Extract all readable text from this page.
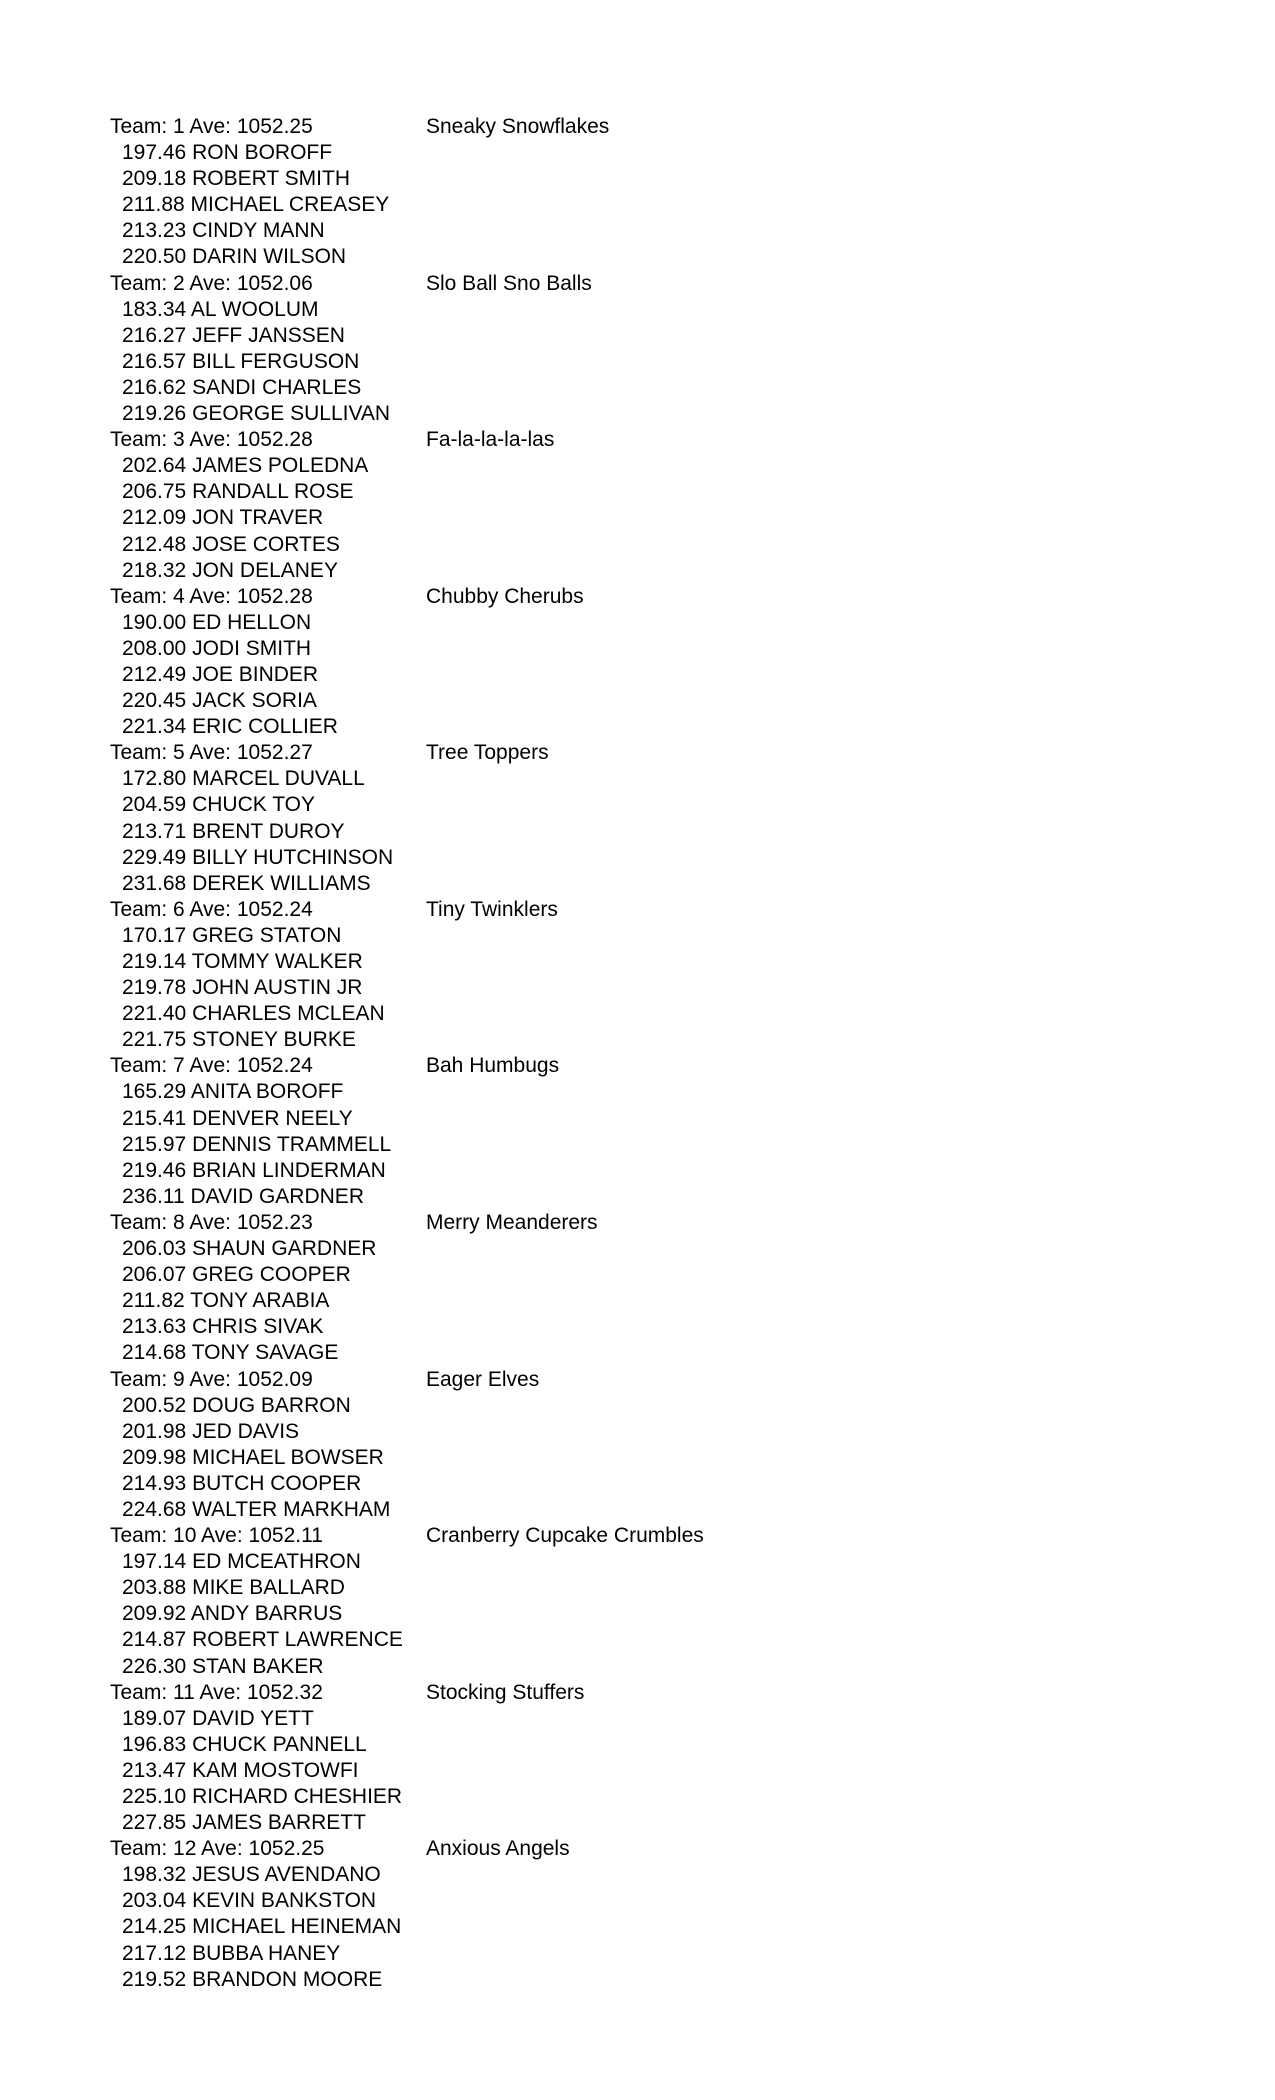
Team: 1 Ave: 1052.25	Sneaky Snowflakes
197.46 RON BOROFF
209.18 ROBERT SMITH
211.88 MICHAEL CREASEY
213.23 CINDY MANN
220.50 DARIN WILSON
Team: 2 Ave: 1052.06	Slo Ball Sno Balls
183.34 AL WOOLUM
216.27 JEFF JANSSEN
216.57 BILL FERGUSON
216.62 SANDI CHARLES
219.26 GEORGE SULLIVAN
Team: 3 Ave: 1052.28	Fa-la-la-la-las
202.64 JAMES POLEDNA
206.75 RANDALL ROSE
212.09 JON TRAVER
212.48 JOSE CORTES
218.32 JON DELANEY
Team: 4 Ave: 1052.28	Chubby Cherubs
190.00 ED HELLON
208.00 JODI SMITH
212.49 JOE BINDER
220.45 JACK SORIA
221.34 ERIC COLLIER
Team: 5 Ave: 1052.27	Tree Toppers
172.80 MARCEL DUVALL
204.59 CHUCK TOY
213.71 BRENT DUROY
229.49 BILLY HUTCHINSON
231.68 DEREK WILLIAMS
Team: 6 Ave: 1052.24	Tiny Twinklers
170.17 GREG STATON
219.14 TOMMY WALKER
219.78 JOHN AUSTIN JR
221.40 CHARLES MCLEAN
221.75 STONEY BURKE
Team: 7 Ave: 1052.24	Bah Humbugs
165.29 ANITA BOROFF
215.41 DENVER NEELY
215.97 DENNIS TRAMMELL
219.46 BRIAN LINDERMAN
236.11 DAVID GARDNER
Team: 8 Ave: 1052.23	Merry Meanderers
206.03 SHAUN GARDNER
206.07 GREG COOPER
211.82 TONY ARABIA
213.63 CHRIS SIVAK
214.68 TONY SAVAGE
Team: 9 Ave: 1052.09	Eager Elves
200.52 DOUG BARRON
201.98 JED DAVIS
209.98 MICHAEL BOWSER
214.93 BUTCH COOPER
224.68 WALTER MARKHAM
Team: 10 Ave: 1052.11	Cranberry Cupcake Crumbles
197.14 ED MCEATHRON
203.88 MIKE BALLARD
209.92 ANDY BARRUS
214.87 ROBERT LAWRENCE
226.30 STAN BAKER
Team: 11 Ave: 1052.32	Stocking Stuffers
189.07 DAVID YETT
196.83 CHUCK PANNELL
213.47 KAM MOSTOWFI
225.10 RICHARD CHESHIER
227.85 JAMES BARRETT
Team: 12 Ave: 1052.25	Anxious Angels
198.32 JESUS AVENDANO
203.04 KEVIN BANKSTON
214.25 MICHAEL HEINEMAN
217.12 BUBBA HANEY
219.52 BRANDON MOORE
